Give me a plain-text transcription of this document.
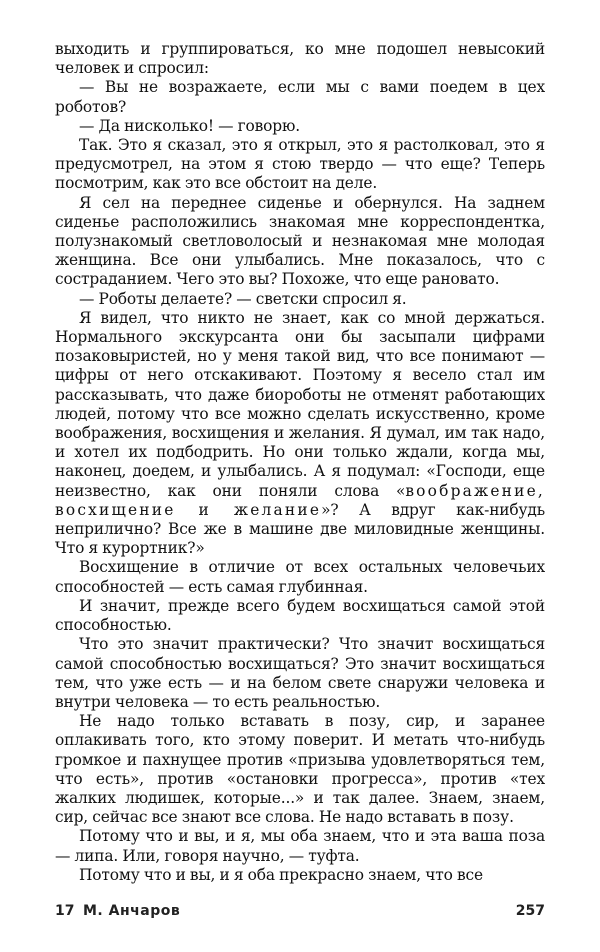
выходить и группироваться, ко мне подошел невысокий человек и спросил:

— Вы не возражаете, если мы с вами поедем в цех роботов?

— Да нисколько! — говорю.

Так. Это я сказал, это я открыл, это я растолковал, это я предусмотрел, на этом я стою твердо — что еще? Теперь посмотрим, как это все обстоит на деле.

Я сел на переднее сиденье и обернулся. На заднем сиденье расположились знакомая мне корреспондентка, полузнакомый светловолосый и незнакомая мне молодая женщина. Все они улыбались. Мне показалось, что с состраданием. Чего это вы? Похоже, что еще рановато.

— Роботы делаете? — светски спросил я.

Я видел, что никто не знает, как со мной держаться. Нормального экскурсанта они бы засыпали цифрами позаковыристей, но у меня такой вид, что все понимают — цифры от него отскакивают. Поэтому я весело стал им рассказывать, что даже биороботы не отменят работающих людей, потому что все можно сделать искусственно, кроме воображения, восхищения и желания. Я думал, им так надо, и хотел их подбодрить. Но они только ждали, когда мы, наконец, доедем, и улыбались. А я подумал: «Господи, еще неизвестно, как они поняли слова «воображение, восхищение и желание»? А вдруг как-нибудь неприлично? Все же в машине две миловидные женщины. Что я курортник?»

Восхищение в отличие от всех остальных человечьих способностей — есть самая глубинная.

И значит, прежде всего будем восхищаться самой этой способностью.

Что это значит практически? Что значит восхищаться самой способностью восхищаться? Это значит восхищаться тем, что уже есть — и на белом свете снаружи человека и внутри человека — то есть реальностью.

Не надо только вставать в позу, сир, и заранее оплакивать того, кто этому поверит. И метать что-нибудь громкое и пахнущее против «призыва удовлетворяться тем, что есть», против «остановки прогресса», против «тех жалких людишек, которые...» и так далее. Знаем, знаем, сир, сейчас все знают все слова. Не надо вставать в позу.

Потому что и вы, и я, мы оба знаем, что и эта ваша поза — липа. Или, говоря научно, — туфта.

Потому что и вы, и я оба прекрасно знаем, что все

17 М. Анчаров	257
